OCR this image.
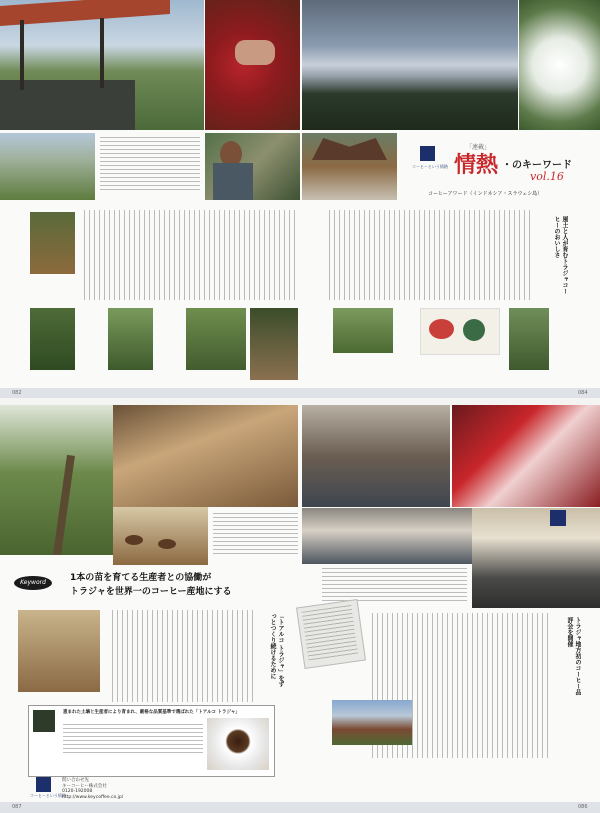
コーヒーという情熱
「連載」
情熱 ・のキーワード
vol.16
コーヒーアワード（インドネシア・スラウェシ島）
風土と人が育むトラジャコーヒーのおいしさ
082	084
Keyword	1本の苗を育てる生産者との協働が
トラジャを世界一のコーヒー産地にする
「トアルコ トラジャ」をずっとつくり続けるために	トラジャ地方初のコーヒー品評会を開催
恵まれた土壌と生産者により育まれ、厳格な品質基準で選ばれた「トアルコ トラジャ」
コーヒーという情熱
問い合わせ先
キーコーヒー株式会社
0120-192008
http://www.keycoffee.co.jp/
087	086
